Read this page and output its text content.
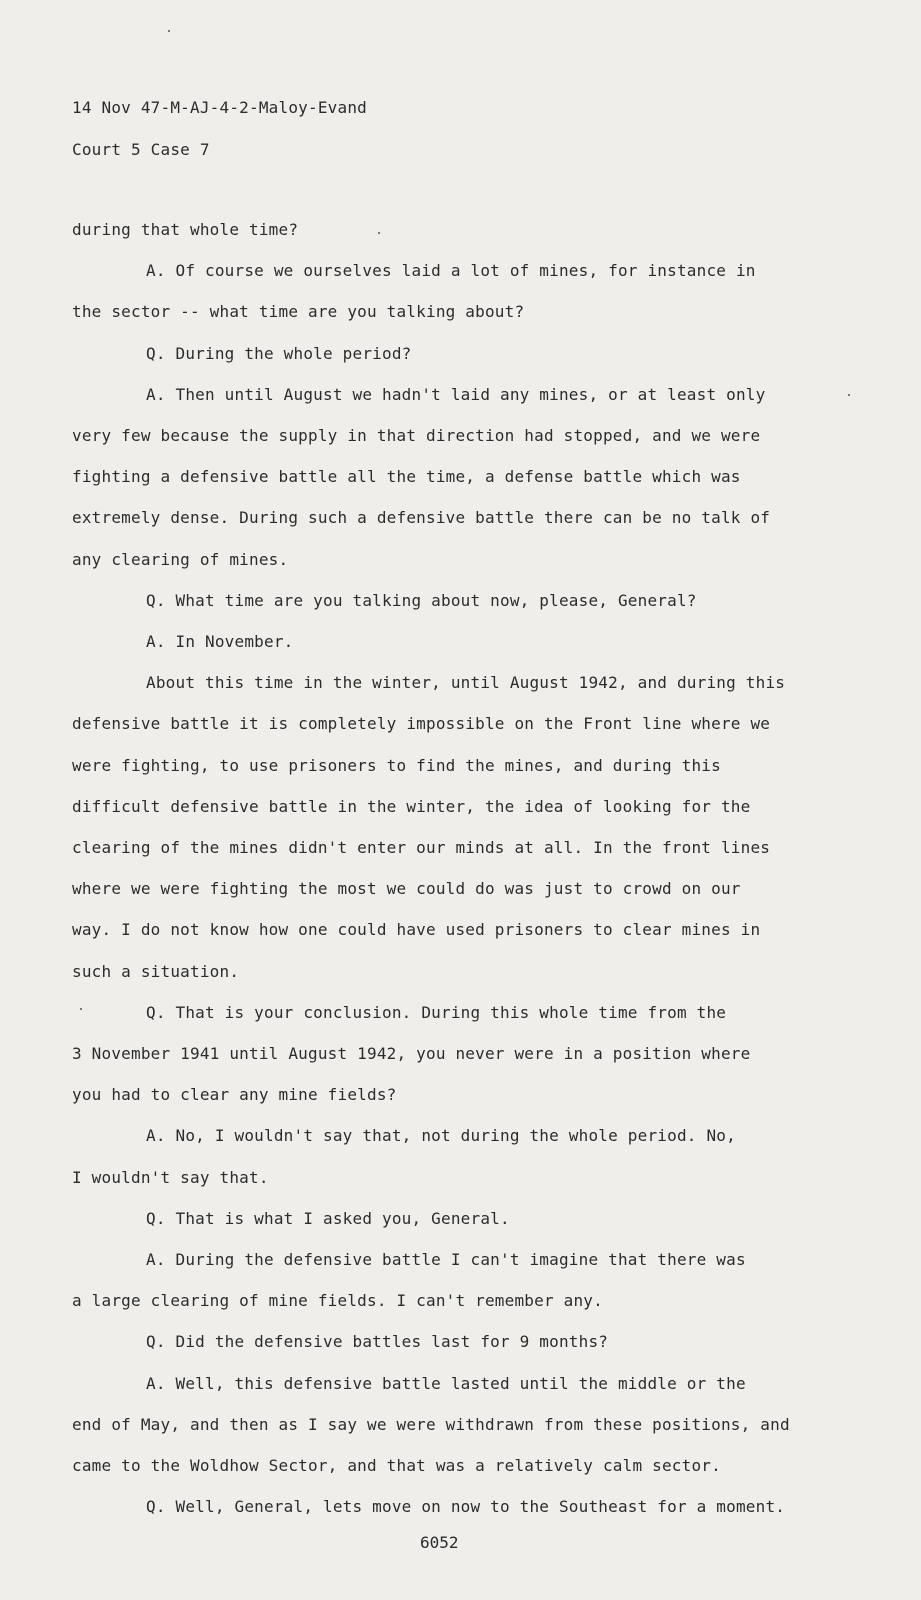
14 Nov 47-M-AJ-4-2-Maloy-Evand
Court 5 Case 7
during that whole time?
A. Of course we ourselves laid a lot of mines, for instance in
the sector -- what time are you talking about?
Q. During the whole period?
A. Then until August we hadn't laid any mines, or at least only
very few because the supply in that direction had stopped, and we were
fighting a defensive battle all the time, a defense battle which was
extremely dense. During such a defensive battle there can be no talk of
any clearing of mines.
Q. What time are you talking about now, please, General?
A. In November.
About this time in the winter, until August 1942, and during this
defensive battle it is completely impossible on the Front line where we
were fighting, to use prisoners to find the mines, and during this
difficult defensive battle in the winter, the idea of looking for the
clearing of the mines didn't enter our minds at all. In the front lines
where we were fighting the most we could do was just to crowd on our
way. I do not know how one could have used prisoners to clear mines in
such a situation.
Q. That is your conclusion. During this whole time from the
3 November 1941 until August 1942, you never were in a position where
you had to clear any mine fields?
A. No, I wouldn't say that, not during the whole period. No,
I wouldn't say that.
Q. That is what I asked you, General.
A. During the defensive battle I can't imagine that there was
a large clearing of mine fields. I can't remember any.
Q. Did the defensive battles last for 9 months?
A. Well, this defensive battle lasted until the middle or the
end of May, and then as I say we were withdrawn from these positions, and
came to the Woldhow Sector, and that was a relatively calm sector.
Q. Well, General, lets move on now to the Southeast for a moment.
6052
